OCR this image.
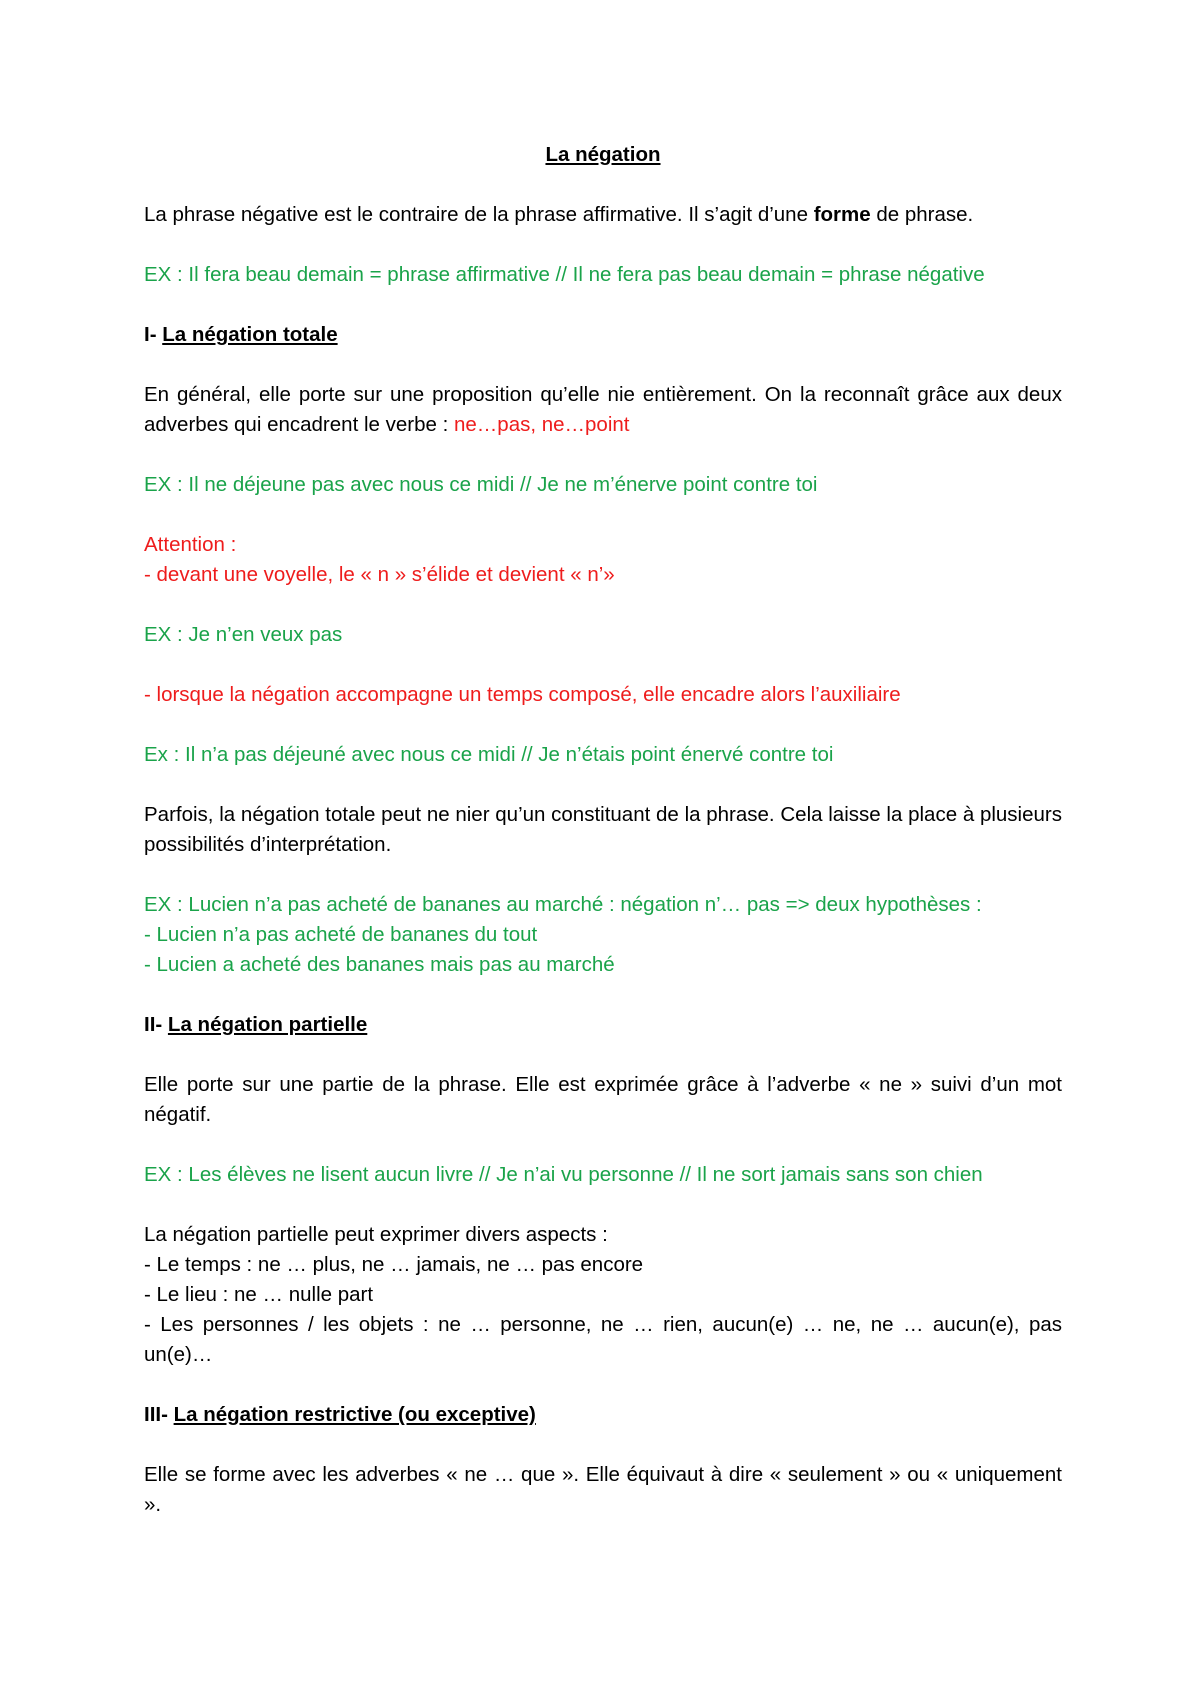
La négation

La phrase négative est le contraire de la phrase affirmative. Il s’agit d’une forme de phrase.

EX : Il fera beau demain = phrase affirmative // Il ne fera pas beau demain = phrase négative

I- La négation totale

En général, elle porte sur une proposition qu’elle nie entièrement. On la reconnaît grâce aux deux adverbes qui encadrent le verbe : ne…pas, ne…point

EX : Il ne déjeune pas avec nous ce midi // Je ne m’énerve point contre toi

Attention :
- devant une voyelle, le « n » s’élide et devient « n’»

EX : Je n’en veux pas

- lorsque la négation accompagne un temps composé, elle encadre alors l’auxiliaire

Ex : Il n’a pas déjeuné avec nous ce midi // Je n’étais point énervé contre toi

Parfois, la négation totale peut ne nier qu’un constituant de la phrase. Cela laisse la place à plusieurs possibilités d’interprétation.

EX : Lucien n’a pas acheté de bananes au marché : négation n’… pas => deux hypothèses :
- Lucien n’a pas acheté de bananes du tout
- Lucien a acheté des bananes mais pas au marché

II- La négation partielle

Elle porte sur une partie de la phrase. Elle est exprimée grâce à l’adverbe « ne » suivi d’un mot négatif.

EX : Les élèves ne lisent aucun livre // Je n’ai vu personne // Il ne sort jamais sans son chien

La négation partielle peut exprimer divers aspects :
- Le temps : ne … plus, ne … jamais, ne … pas encore
- Le lieu : ne … nulle part
- Les personnes / les objets : ne … personne, ne … rien, aucun(e) … ne, ne … aucun(e), pas un(e)…

III- La négation restrictive (ou exceptive)

Elle se forme avec les adverbes « ne … que ». Elle équivaut à dire « seulement » ou « uniquement ».
